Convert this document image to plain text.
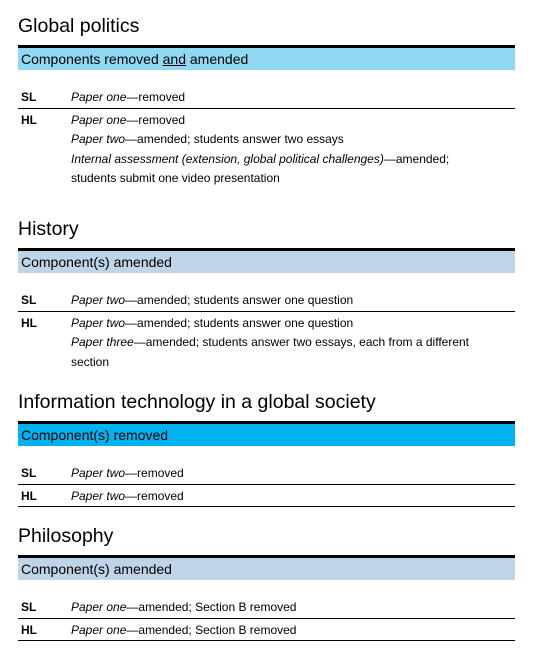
Global politics
Components removed and amended
SL	Paper one—removed
HL	Paper one—removed
Paper two—amended; students answer two essays
Internal assessment (extension, global political challenges)—amended;
students submit one video presentation
History
Component(s) amended
SL	Paper two—amended; students answer one question
HL	Paper two—amended; students answer one question
Paper three—amended; students answer two essays, each from a different
section
Information technology in a global society
Component(s) removed
SL	Paper two—removed
HL	Paper two—removed
Philosophy
Component(s) amended
SL	Paper one—amended; Section B removed
HL	Paper one—amended; Section B removed
